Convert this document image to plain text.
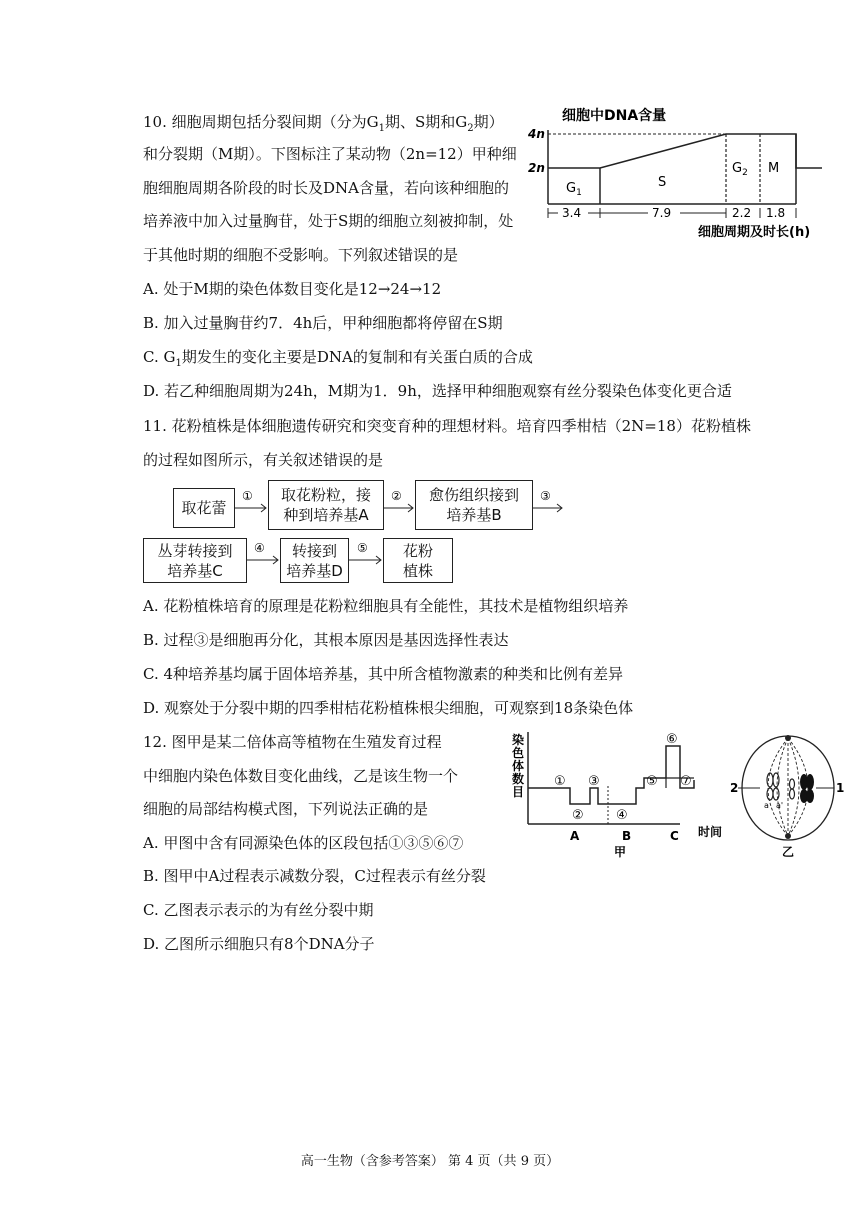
10. 细胞周期包括分裂间期（分为$G_1$期、S期和$G_2$期）
和分裂期（M期）。下图标注了某动物（2n=12）甲种细
胞细胞周期各阶段的时长及DNA含量，若向该种细胞的
培养液中加入过量胸苷，处于S期的细胞立刻被抑制，处
于其他时期的细胞不受影响。下列叙述错误的是
A. 处于M期的染色体数目变化是12→24→12
B. 加入过量胸苷约7．4h后，甲种细胞都将停留在S期
C. $G_1$期发生的变化主要是DNA的复制和有关蛋白质的合成
D. 若乙种细胞周期为24h，M期为1．9h，选择甲种细胞观察有丝分裂染色体变化更合适
细胞中DNA含量
4n
2n
$G_1$
S
$G_2$ M
3.4	7.9	2.2 1.8
细胞周期及时长(h)
11. 花粉植株是体细胞遗传研究和突变育种的理想材料。培育四季柑桔（2N=18）花粉植株
的过程如图所示，有关叙述错误的是
取花蕾
取花粉粒，接
种到培养基A
愈伤组织接到
培养基B
丛芽转接到
培养基C
转接到
培养基D
花粉
植株
①	②	③
④	⑤
A. 花粉植株培育的原理是花粉粒细胞具有全能性，其技术是植物组织培养
B. 过程③是细胞再分化，其根本原因是基因选择性表达
C. 4种培养基均属于固体培养基，其中所含植物激素的种类和比例有差异
D. 观察处于分裂中期的四季柑桔花粉植株根尖细胞，可观察到18条染色体
12. 图甲是某二倍体高等植物在生殖发育过程
中细胞内染色体数目变化曲线，乙是该生物一个
细胞的局部结构模式图，下列说法正确的是
A. 甲图中含有同源染色体的区段包括①③⑤⑥⑦
B. 图甲中A过程表示减数分裂，C过程表示有丝分裂
C. 乙图表示表示的为有丝分裂中期
D. 乙图所示细胞只有8个DNA分子
染
色
体
数
目
①
②
③
④
⑤
⑥
⑦
A	B	C 时间
甲
2	1
a a'
乙
高一生物（含参考答案） 第 4 页（共 9 页）
